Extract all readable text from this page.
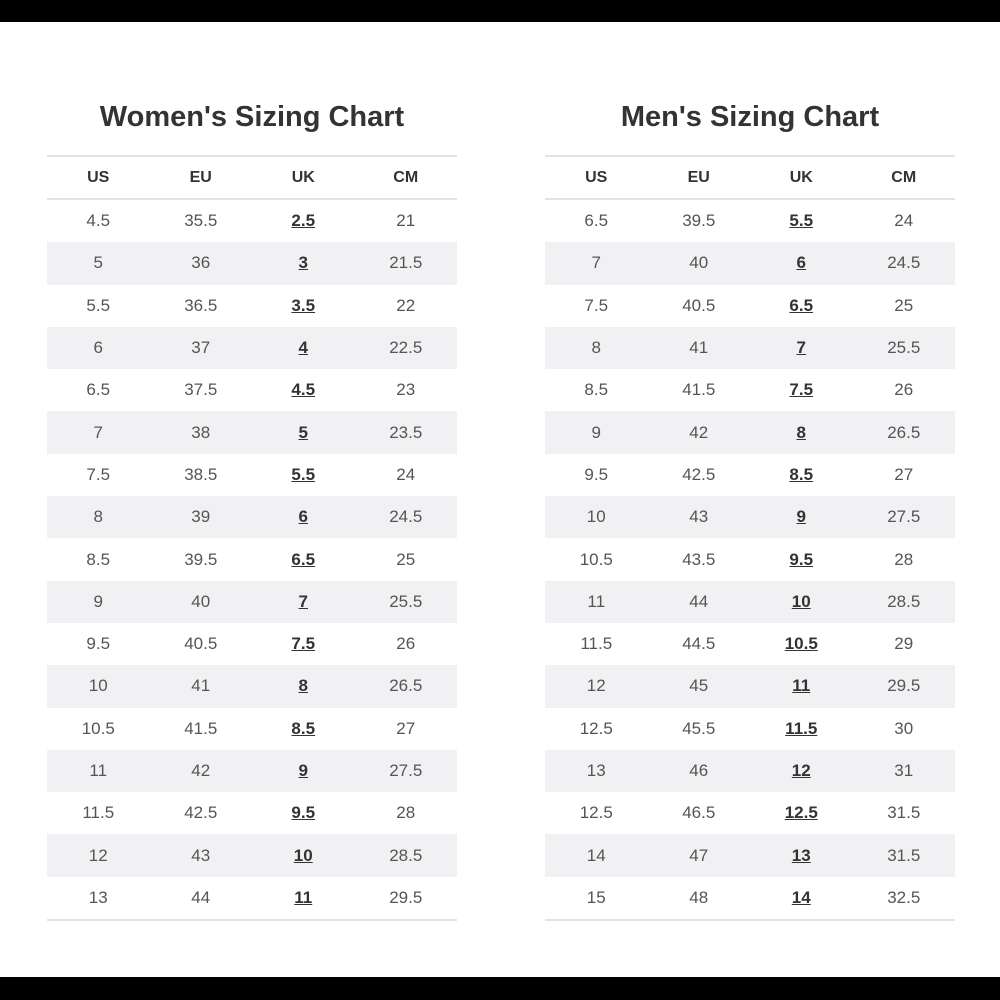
Women's Sizing Chart
US	EU	UK	CM
4.5	35.5	2.5	21
5	36	3	21.5
5.5	36.5	3.5	22
6	37	4	22.5
6.5	37.5	4.5	23
7	38	5	23.5
7.5	38.5	5.5	24
8	39	6	24.5
8.5	39.5	6.5	25
9	40	7	25.5
9.5	40.5	7.5	26
10	41	8	26.5
10.5	41.5	8.5	27
11	42	9	27.5
11.5	42.5	9.5	28
12	43	10	28.5
13	44	11	29.5
Men's Sizing Chart
US	EU	UK	CM
6.5	39.5	5.5	24
7	40	6	24.5
7.5	40.5	6.5	25
8	41	7	25.5
8.5	41.5	7.5	26
9	42	8	26.5
9.5	42.5	8.5	27
10	43	9	27.5
10.5	43.5	9.5	28
11	44	10	28.5
11.5	44.5	10.5	29
12	45	11	29.5
12.5	45.5	11.5	30
13	46	12	31
12.5	46.5	12.5	31.5
14	47	13	31.5
15	48	14	32.5
